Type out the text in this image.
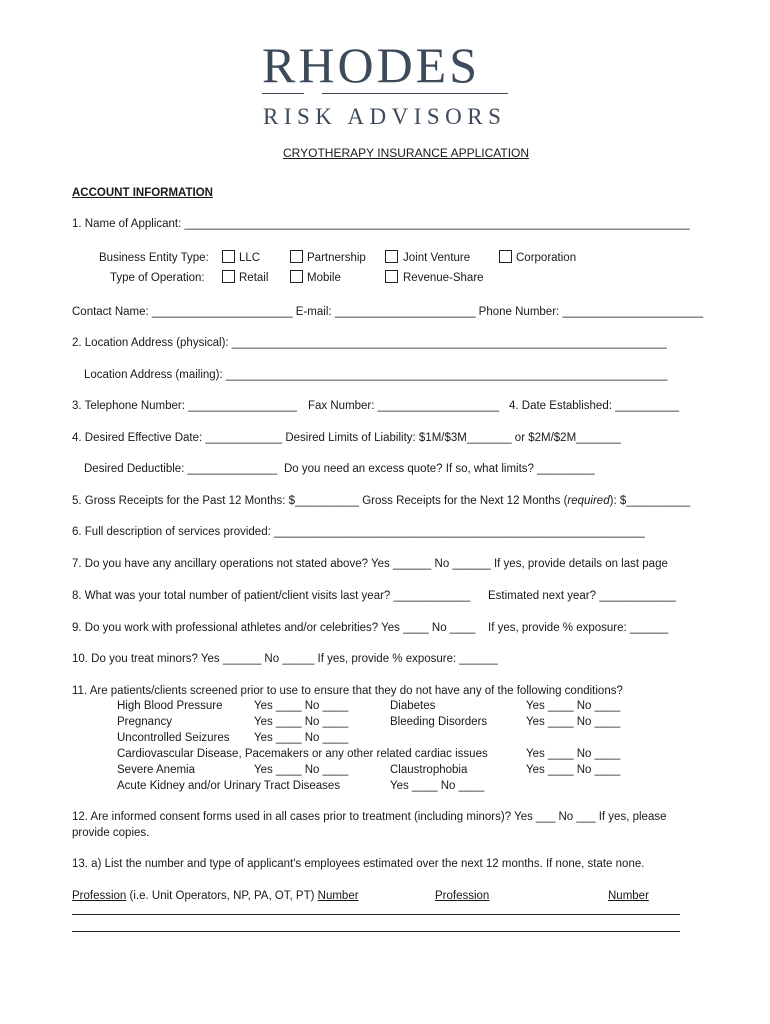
RHODES
RISK ADVISORS
CRYOTHERAPY INSURANCE APPLICATION
ACCOUNT INFORMATION
1. Name of Applicant: _______________________________________________________________________________
Business Entity Type:	LLC	Partnership	Joint Venture	Corporation
Type of Operation:	Retail	Mobile	Revenue-Share
Contact Name: ______________________ E-mail: ______________________ Phone Number: ______________________
2. Location Address (physical): ____________________________________________________________________
Location Address (mailing): _____________________________________________________________________
3. Telephone Number: _________________ Fax Number: ___________________ 4. Date Established: __________
4. Desired Effective Date: ____________ Desired Limits of Liability: $1M/$3M_______ or $2M/$2M_______
Desired Deductible: ______________ Do you need an excess quote? If so, what limits? _________
5. Gross Receipts for the Past 12 Months: $__________ Gross Receipts for the Next 12 Months (required): $__________
6. Full description of services provided: __________________________________________________________
7. Do you have any ancillary operations not stated above? Yes ______ No ______ If yes, provide details on last page
8. What was your total number of patient/client visits last year? ____________ Estimated next year? ____________
9. Do you work with professional athletes and/or celebrities? Yes ____ No ____ If yes, provide % exposure: ______
10. Do you treat minors? Yes ______ No _____ If yes, provide % exposure: ______
11. Are patients/clients screened prior to use to ensure that they do not have any of the following conditions?
High Blood Pressure	Yes ____ No ____	Diabetes	Yes ____ No ____
Pregnancy	Yes ____ No ____	Bleeding Disorders	Yes ____ No ____
Uncontrolled Seizures Yes ____ No ____
Cardiovascular Disease, Pacemakers or any other related cardiac issues	Yes ____ No ____
Severe Anemia	Yes ____ No ____	Claustrophobia	Yes ____ No ____
Acute Kidney and/or Urinary Tract Diseases	Yes ____ No ____
12. Are informed consent forms used in all cases prior to treatment (including minors)? Yes ___ No ___ If yes, please
provide copies.
13. a) List the number and type of applicant's employees estimated over the next 12 months. If none, state none.
Profession (i.e. Unit Operators, NP, PA, OT, PT) Number	Profession	Number
